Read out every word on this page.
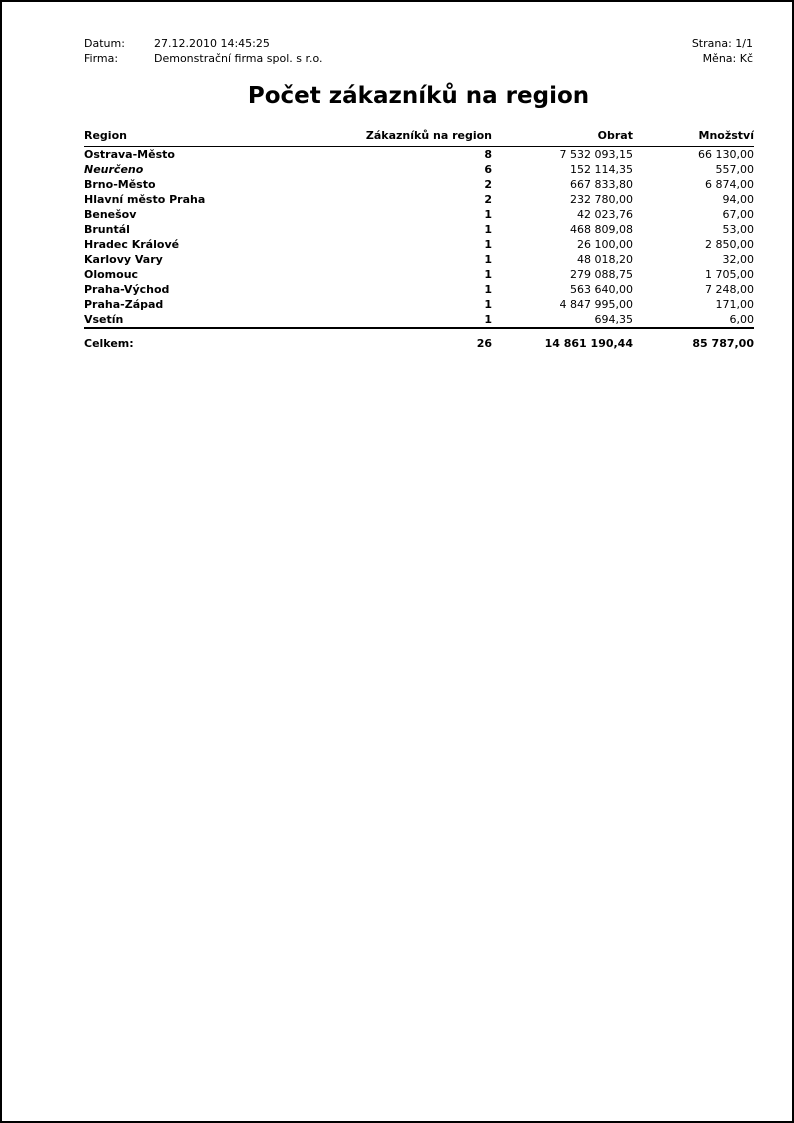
Datum:	27.12.2010 14:45:25
Firma:	Demonstrační firma spol. s r.o.
Strana: 1/1
Měna: Kč
Počet zákazníků na region
Region	Zákazníků na region	Obrat	Množství
Ostrava-Město	8	7 532 093,15	66 130,00
Neurčeno	6	152 114,35	557,00
Brno-Město	2	667 833,80	6 874,00
Hlavní město Praha	2	232 780,00	94,00
Benešov	1	42 023,76	67,00
Bruntál	1	468 809,08	53,00
Hradec Králové	1	26 100,00	2 850,00
Karlovy Vary	1	48 018,20	32,00
Olomouc	1	279 088,75	1 705,00
Praha-Východ	1	563 640,00	7 248,00
Praha-Západ	1	4 847 995,00	171,00
Vsetín	1	694,35	6,00
Celkem:	26	14 861 190,44	85 787,00
